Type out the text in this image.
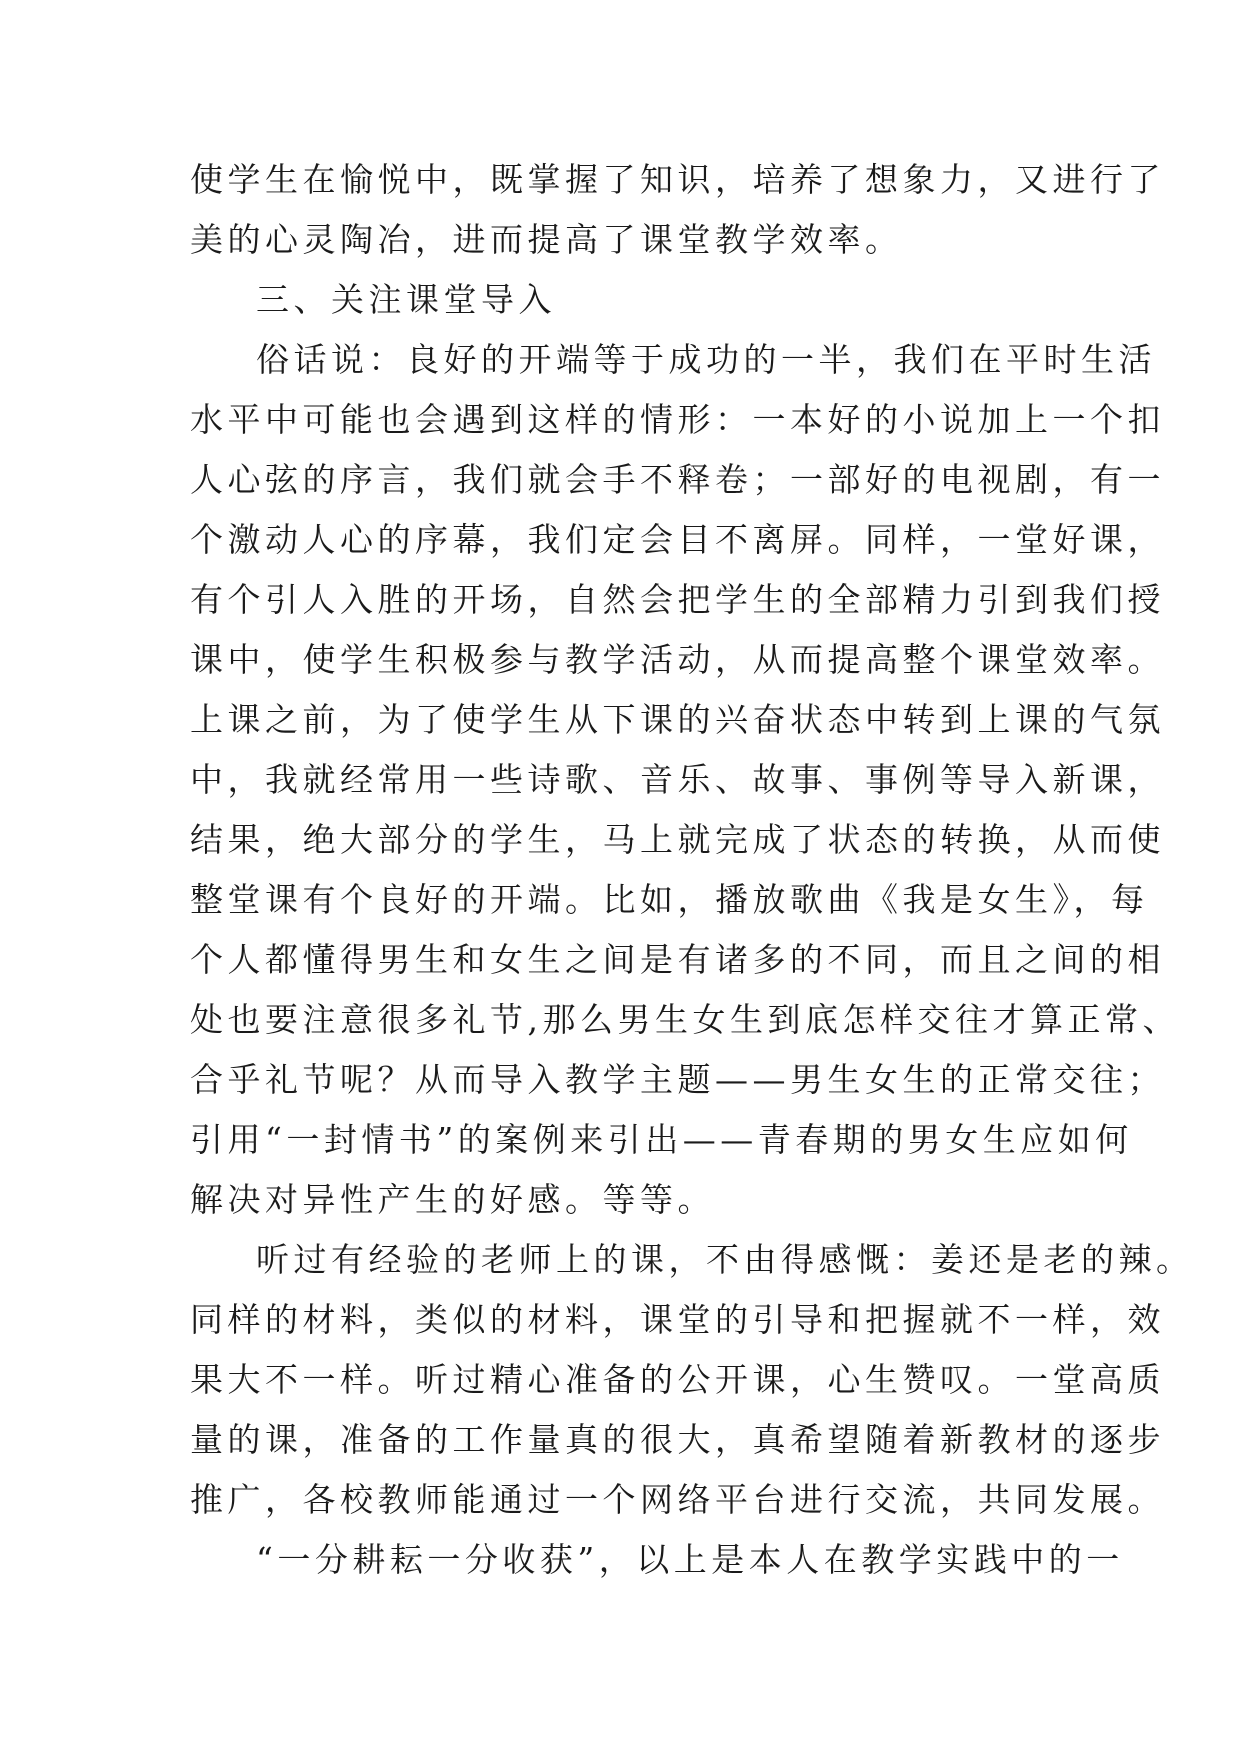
使学生在愉悦中，既掌握了知识，培养了想象力，又进行了
美的心灵陶冶，进而提高了课堂教学效率。
三、关注课堂导入
俗话说：良好的开端等于成功的一半，我们在平时生活
水平中可能也会遇到这样的情形：一本好的小说加上一个扣
人心弦的序言，我们就会手不释卷；一部好的电视剧，有一
个激动人心的序幕，我们定会目不离屏。同样，一堂好课，
有个引人入胜的开场，自然会把学生的全部精力引到我们授
课中，使学生积极参与教学活动，从而提高整个课堂效率。
上课之前，为了使学生从下课的兴奋状态中转到上课的气氛
中，我就经常用一些诗歌、音乐、故事、事例等导入新课，
结果，绝大部分的学生，马上就完成了状态的转换，从而使
整堂课有个良好的开端。比如，播放歌曲《我是女生》，每
个人都懂得男生和女生之间是有诸多的不同，而且之间的相
处也要注意很多礼节,那么男生女生到底怎样交往才算正常、
合乎礼节呢？从而导入教学主题——男生女生的正常交往；
引用“一封情书”的案例来引出——青春期的男女生应如何
解决对异性产生的好感。等等。
听过有经验的老师上的课，不由得感慨：姜还是老的辣。
同样的材料，类似的材料，课堂的引导和把握就不一样，效
果大不一样。听过精心准备的公开课，心生赞叹。一堂高质
量的课，准备的工作量真的很大，真希望随着新教材的逐步
推广，各校教师能通过一个网络平台进行交流，共同发展。
“一分耕耘一分收获”，以上是本人在教学实践中的一
